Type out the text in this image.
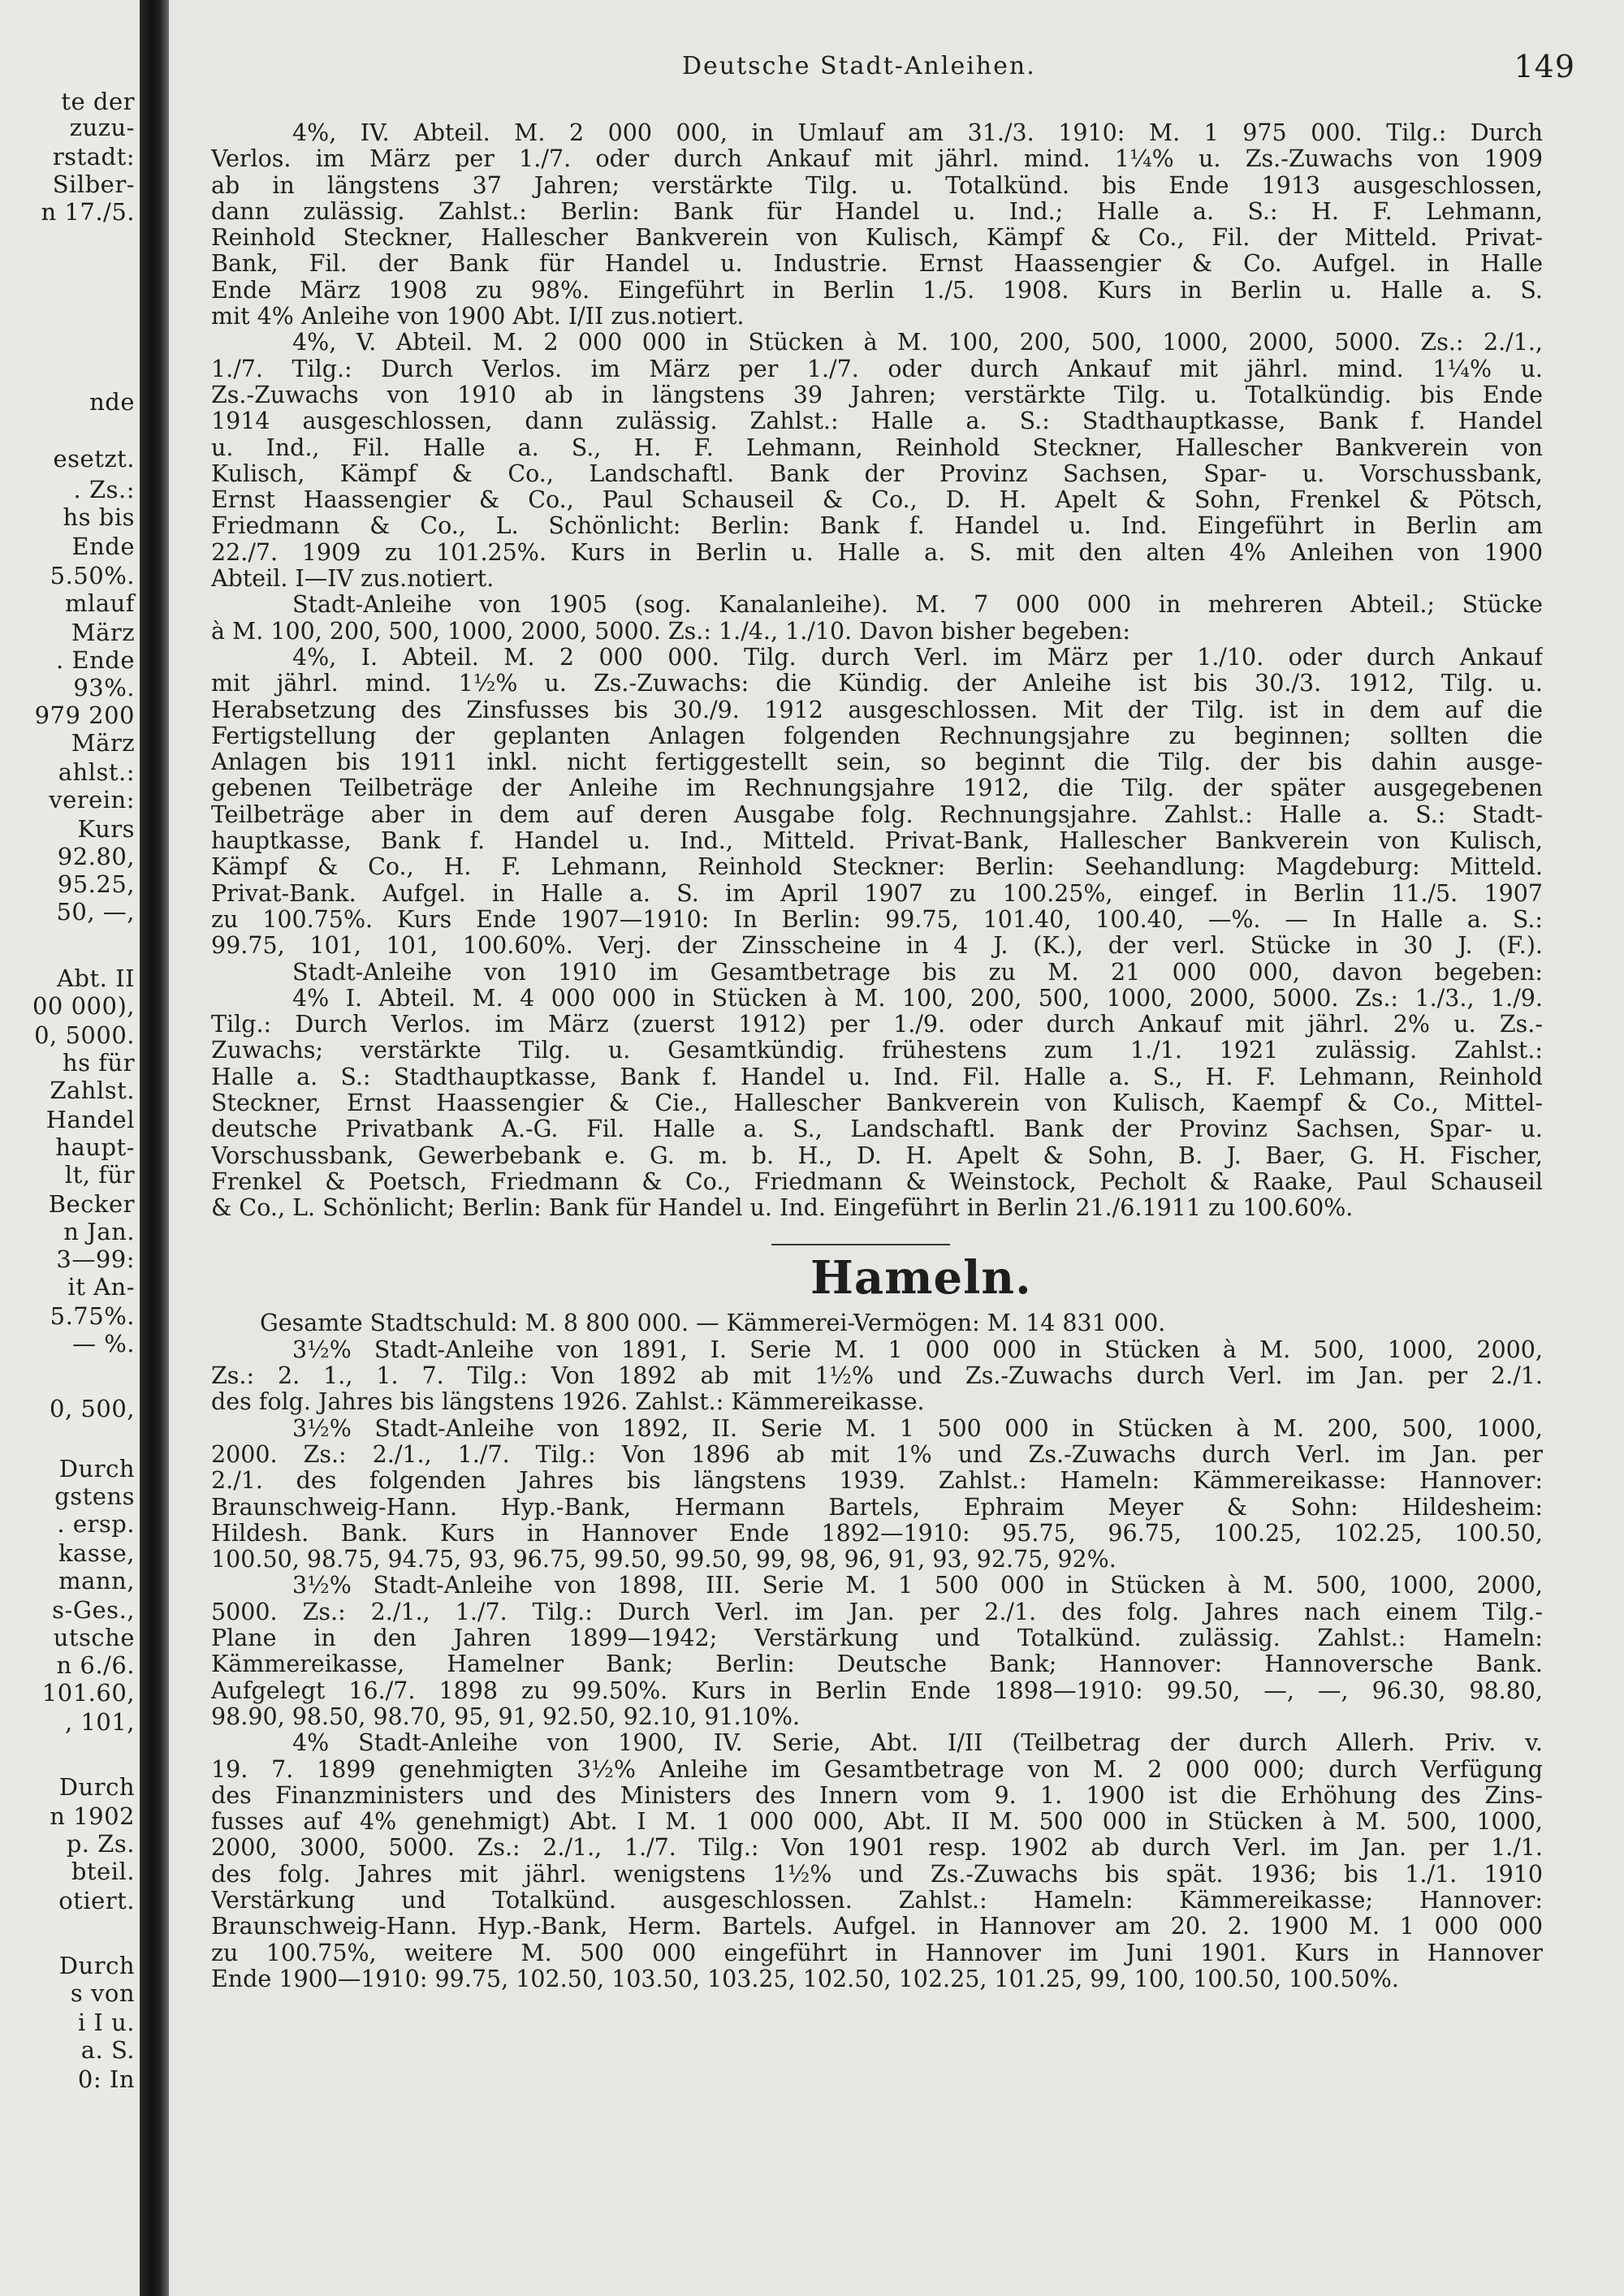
te der
zuzu-
rstadt:
Silber-
n 17./5.
nde
esetzt.
. Zs.:
hs bis
Ende
5.50%.
mlauf
März
. Ende
93%.
979 200
März
ahlst.:
verein:
Kurs
92.80,
95.25,
50, —,
Abt. II
00 000),
0, 5000.
hs für
Zahlst.
Handel
haupt-
lt, für
Becker
n Jan.
3—99:
it An-
5.75%.
— %.
0, 500,
Durch
gstens
. ersp.
kasse,
mann,
s-Ges.,
utsche
n 6./6.
101.60,
, 101,
Durch
n 1902
p. Zs.
bteil.
otiert.
Durch
s von
i I u.
a. S.
0: In
Deutsche Stadt-Anleihen.	149
4%, IV. Abteil. M. 2 000 000, in Umlauf am 31./3. 1910: M. 1 975 000. Tilg.: Durch
Verlos. im März per 1./7. oder durch Ankauf mit jährl. mind. 1¼% u. Zs.-Zuwachs von 1909
ab in längstens 37 Jahren; verstärkte Tilg. u. Totalkünd. bis Ende 1913 ausgeschlossen,
dann zulässig. Zahlst.: Berlin: Bank für Handel u. Ind.; Halle a. S.: H. F. Lehmann,
Reinhold Steckner, Hallescher Bankverein von Kulisch, Kämpf & Co., Fil. der Mitteld. Privat-
Bank, Fil. der Bank für Handel u. Industrie. Ernst Haassengier & Co. Aufgel. in Halle
Ende März 1908 zu 98%. Eingeführt in Berlin 1./5. 1908. Kurs in Berlin u. Halle a. S.
mit 4% Anleihe von 1900 Abt. I/II zus.notiert.
4%, V. Abteil. M. 2 000 000 in Stücken à M. 100, 200, 500, 1000, 2000, 5000. Zs.: 2./1.,
1./7. Tilg.: Durch Verlos. im März per 1./7. oder durch Ankauf mit jährl. mind. 1¼% u.
Zs.-Zuwachs von 1910 ab in längstens 39 Jahren; verstärkte Tilg. u. Totalkündig. bis Ende
1914 ausgeschlossen, dann zulässig. Zahlst.: Halle a. S.: Stadthauptkasse, Bank f. Handel
u. Ind., Fil. Halle a. S., H. F. Lehmann, Reinhold Steckner, Hallescher Bankverein von
Kulisch, Kämpf & Co., Landschaftl. Bank der Provinz Sachsen, Spar- u. Vorschussbank,
Ernst Haassengier & Co., Paul Schauseil & Co., D. H. Apelt & Sohn, Frenkel & Pötsch,
Friedmann & Co., L. Schönlicht: Berlin: Bank f. Handel u. Ind. Eingeführt in Berlin am
22./7. 1909 zu 101.25%. Kurs in Berlin u. Halle a. S. mit den alten 4% Anleihen von 1900
Abteil. I—IV zus.notiert.
Stadt-Anleihe von 1905 (sog. Kanalanleihe). M. 7 000 000 in mehreren Abteil.; Stücke
à M. 100, 200, 500, 1000, 2000, 5000. Zs.: 1./4., 1./10. Davon bisher begeben:
4%, I. Abteil. M. 2 000 000. Tilg. durch Verl. im März per 1./10. oder durch Ankauf
mit jährl. mind. 1½% u. Zs.-Zuwachs: die Kündig. der Anleihe ist bis 30./3. 1912, Tilg. u.
Herabsetzung des Zinsfusses bis 30./9. 1912 ausgeschlossen. Mit der Tilg. ist in dem auf die
Fertigstellung der geplanten Anlagen folgenden Rechnungsjahre zu beginnen; sollten die
Anlagen bis 1911 inkl. nicht fertiggestellt sein, so beginnt die Tilg. der bis dahin ausge-
gebenen Teilbeträge der Anleihe im Rechnungsjahre 1912, die Tilg. der später ausgegebenen
Teilbeträge aber in dem auf deren Ausgabe folg. Rechnungsjahre. Zahlst.: Halle a. S.: Stadt-
hauptkasse, Bank f. Handel u. Ind., Mitteld. Privat-Bank, Hallescher Bankverein von Kulisch,
Kämpf & Co., H. F. Lehmann, Reinhold Steckner: Berlin: Seehandlung: Magdeburg: Mitteld.
Privat-Bank. Aufgel. in Halle a. S. im April 1907 zu 100.25%, eingef. in Berlin 11./5. 1907
zu 100.75%. Kurs Ende 1907—1910: In Berlin: 99.75, 101.40, 100.40, —%. — In Halle a. S.:
99.75, 101, 101, 100.60%. Verj. der Zinsscheine in 4 J. (K.), der verl. Stücke in 30 J. (F.).
Stadt-Anleihe von 1910 im Gesamtbetrage bis zu M. 21 000 000, davon begeben:
4% I. Abteil. M. 4 000 000 in Stücken à M. 100, 200, 500, 1000, 2000, 5000. Zs.: 1./3., 1./9.
Tilg.: Durch Verlos. im März (zuerst 1912) per 1./9. oder durch Ankauf mit jährl. 2% u. Zs.-
Zuwachs; verstärkte Tilg. u. Gesamtkündig. frühestens zum 1./1. 1921 zulässig. Zahlst.:
Halle a. S.: Stadthauptkasse, Bank f. Handel u. Ind. Fil. Halle a. S., H. F. Lehmann, Reinhold
Steckner, Ernst Haassengier & Cie., Hallescher Bankverein von Kulisch, Kaempf & Co., Mittel-
deutsche Privatbank A.-G. Fil. Halle a. S., Landschaftl. Bank der Provinz Sachsen, Spar- u.
Vorschussbank, Gewerbebank e. G. m. b. H., D. H. Apelt & Sohn, B. J. Baer, G. H. Fischer,
Frenkel & Poetsch, Friedmann & Co., Friedmann & Weinstock, Pecholt & Raake, Paul Schauseil
& Co., L. Schönlicht; Berlin: Bank für Handel u. Ind. Eingeführt in Berlin 21./6.1911 zu 100.60%.
Hameln.
Gesamte Stadtschuld: M. 8 800 000. — Kämmerei-Vermögen: M. 14 831 000.
3½% Stadt-Anleihe von 1891, I. Serie M. 1 000 000 in Stücken à M. 500, 1000, 2000,
Zs.: 2. 1., 1. 7. Tilg.: Von 1892 ab mit 1½% und Zs.-Zuwachs durch Verl. im Jan. per 2./1.
des folg. Jahres bis längstens 1926. Zahlst.: Kämmereikasse.
3½% Stadt-Anleihe von 1892, II. Serie M. 1 500 000 in Stücken à M. 200, 500, 1000,
2000. Zs.: 2./1., 1./7. Tilg.: Von 1896 ab mit 1% und Zs.-Zuwachs durch Verl. im Jan. per
2./1. des folgenden Jahres bis längstens 1939. Zahlst.: Hameln: Kämmereikasse: Hannover:
Braunschweig-Hann. Hyp.-Bank, Hermann Bartels, Ephraim Meyer & Sohn: Hildesheim:
Hildesh. Bank. Kurs in Hannover Ende 1892—1910: 95.75, 96.75, 100.25, 102.25, 100.50,
100.50, 98.75, 94.75, 93, 96.75, 99.50, 99.50, 99, 98, 96, 91, 93, 92.75, 92%.
3½% Stadt-Anleihe von 1898, III. Serie M. 1 500 000 in Stücken à M. 500, 1000, 2000,
5000. Zs.: 2./1., 1./7. Tilg.: Durch Verl. im Jan. per 2./1. des folg. Jahres nach einem Tilg.-
Plane in den Jahren 1899—1942; Verstärkung und Totalkünd. zulässig. Zahlst.: Hameln:
Kämmereikasse, Hamelner Bank; Berlin: Deutsche Bank; Hannover: Hannoversche Bank.
Aufgelegt 16./7. 1898 zu 99.50%. Kurs in Berlin Ende 1898—1910: 99.50, —, —, 96.30, 98.80,
98.90, 98.50, 98.70, 95, 91, 92.50, 92.10, 91.10%.
4% Stadt-Anleihe von 1900, IV. Serie, Abt. I/II (Teilbetrag der durch Allerh. Priv. v.
19. 7. 1899 genehmigten 3½% Anleihe im Gesamtbetrage von M. 2 000 000; durch Verfügung
des Finanzministers und des Ministers des Innern vom 9. 1. 1900 ist die Erhöhung des Zins-
fusses auf 4% genehmigt) Abt. I M. 1 000 000, Abt. II M. 500 000 in Stücken à M. 500, 1000,
2000, 3000, 5000. Zs.: 2./1., 1./7. Tilg.: Von 1901 resp. 1902 ab durch Verl. im Jan. per 1./1.
des folg. Jahres mit jährl. wenigstens 1½% und Zs.-Zuwachs bis spät. 1936; bis 1./1. 1910
Verstärkung und Totalkünd. ausgeschlossen. Zahlst.: Hameln: Kämmereikasse; Hannover:
Braunschweig-Hann. Hyp.-Bank, Herm. Bartels. Aufgel. in Hannover am 20. 2. 1900 M. 1 000 000
zu 100.75%, weitere M. 500 000 eingeführt in Hannover im Juni 1901. Kurs in Hannover
Ende 1900—1910: 99.75, 102.50, 103.50, 103.25, 102.50, 102.25, 101.25, 99, 100, 100.50, 100.50%.
